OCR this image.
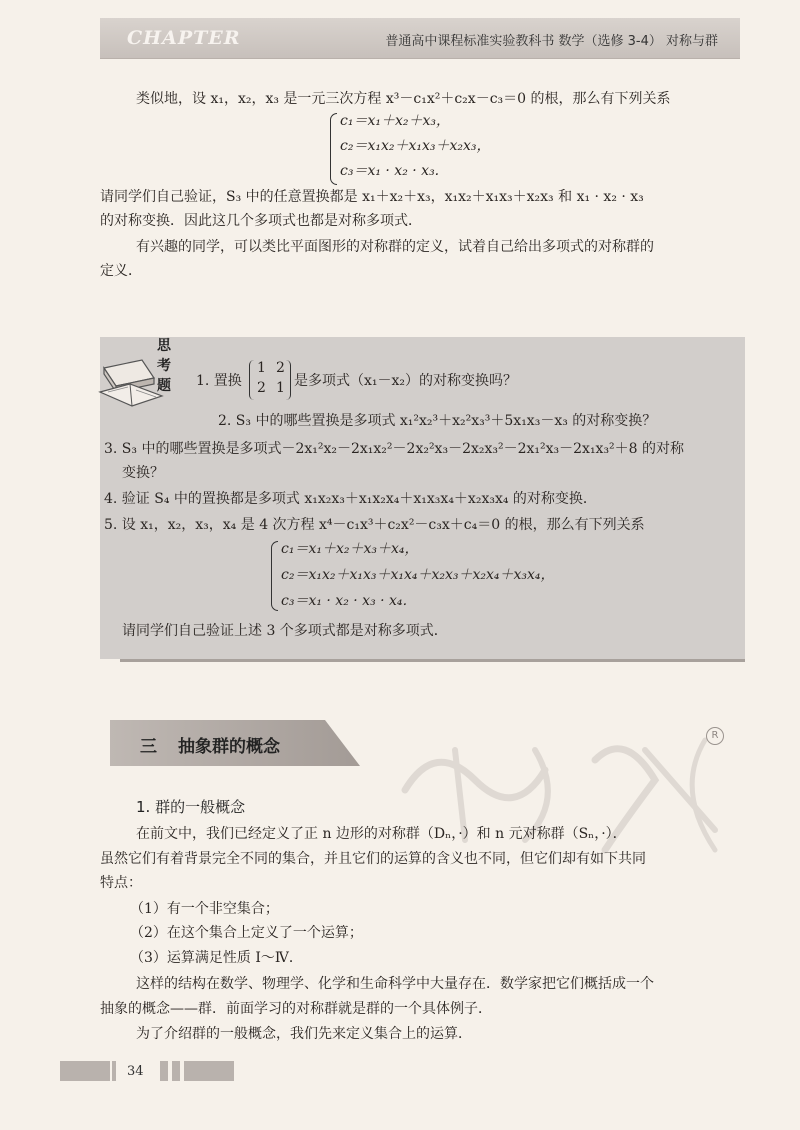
CHAPTER	普通高中课程标准实验教科书 数学（选修 3-4） 对称与群
类似地，设 x₁，x₂，x₃ 是一元三次方程 x³－c₁x²＋c₂x－c₃＝0 的根，那么有下列关系
c₁＝x₁＋x₂＋x₃，
c₂＝x₁x₂＋x₁x₃＋x₂x₃，
c₃＝x₁ · x₂ · x₃.
请同学们自己验证，S₃ 中的任意置换都是 x₁＋x₂＋x₃，x₁x₂＋x₁x₃＋x₂x₃ 和 x₁ · x₂ · x₃
的对称变换．因此这几个多项式也都是对称多项式．
有兴趣的同学，可以类比平面图形的对称群的定义，试着自己给出多项式的对称群的
定义．
思
考
题	1. 置换
1 2
2 1 是多项式（x₁－x₂）的对称变换吗？
2. S₃ 中的哪些置换是多项式 x₁²x₂³＋x₂²x₃³＋5x₁x₃－x₃ 的对称变换？
3. S₃ 中的哪些置换是多项式－2x₁²x₂－2x₁x₂²－2x₂²x₃－2x₂x₃²－2x₁²x₃－2x₁x₃²＋8 的对称
变换？
4. 验证 S₄ 中的置换都是多项式 x₁x₂x₃＋x₁x₂x₄＋x₁x₃x₄＋x₂x₃x₄ 的对称变换．
5. 设 x₁，x₂，x₃，x₄ 是 4 次方程 x⁴－c₁x³＋c₂x²－c₃x＋c₄＝0 的根，那么有下列关系
c₁＝x₁＋x₂＋x₃＋x₄，
c₂＝x₁x₂＋x₁x₃＋x₁x₄＋x₂x₃＋x₂x₄＋x₃x₄，
c₃＝x₁ · x₂ · x₃ · x₄．
请同学们自己验证上述 3 个多项式都是对称多项式．
三 抽象群的概念
R
1. 群的一般概念
在前文中，我们已经定义了正 n 边形的对称群（Dₙ，·）和 n 元对称群（Sₙ，·）．
虽然它们有着背景完全不同的集合，并且它们的运算的含义也不同，但它们却有如下共同
特点：
（1）有一个非空集合；
（2）在这个集合上定义了一个运算；
（3）运算满足性质 Ⅰ～Ⅳ．
这样的结构在数学、物理学、化学和生命科学中大量存在．数学家把它们概括成一个
抽象的概念——群．前面学习的对称群就是群的一个具体例子．
为了介绍群的一般概念，我们先来定义集合上的运算．
34
